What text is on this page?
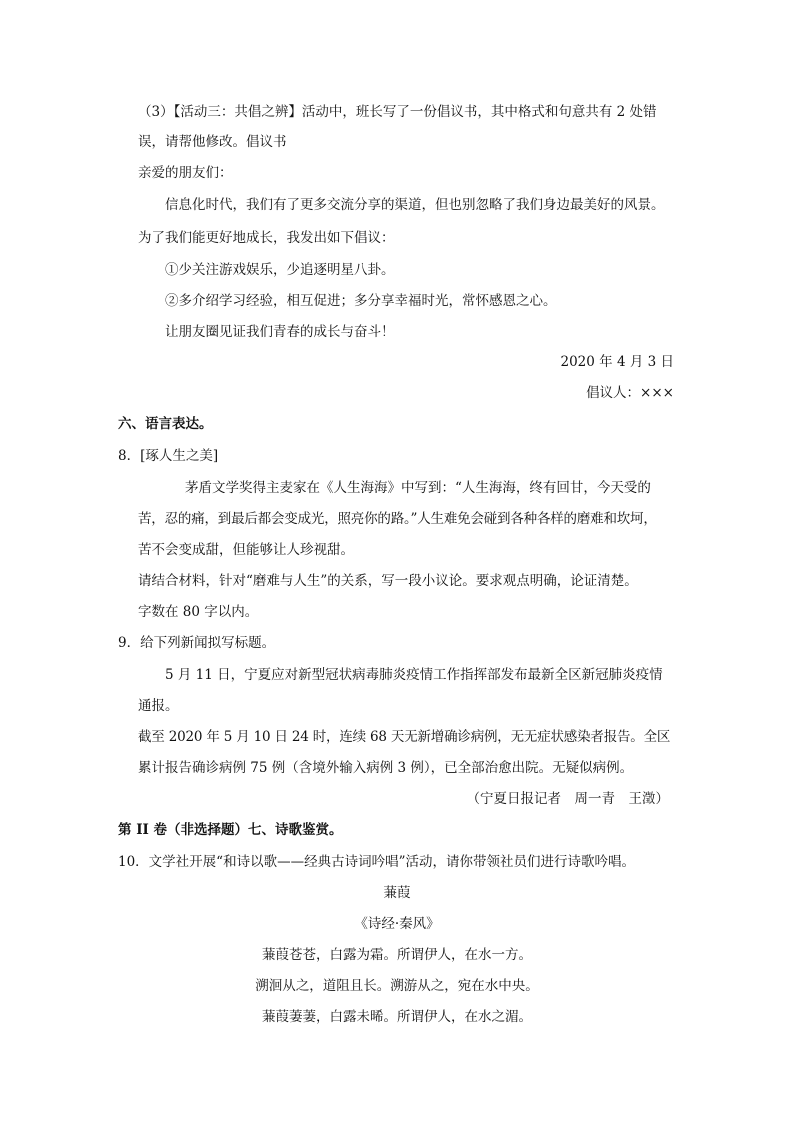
（3）【活动三：共倡之辨】活动中，班长写了一份倡议书，其中格式和句意共有 2 处错
误，请帮他修改。倡议书
亲爱的朋友们：
信息化时代，我们有了更多交流分享的渠道，但也别忽略了我们身边最美好的风景。
为了我们能更好地成长，我发出如下倡议：
①少关注游戏娱乐，少追逐明星八卦。
②多介绍学习经验，相互促进；多分享幸福时光，常怀感恩之心。
让朋友圈见证我们青春的成长与奋斗！
2020 年 4 月 3 日
倡议人：×××
六、语言表达。
8．[琢人生之美]
茅盾文学奖得主麦家在《人生海海》中写到：“人生海海，终有回甘，今天受的
苦，忍的痛，到最后都会变成光，照亮你的路。”人生难免会碰到各种各样的磨难和坎坷，
苦不会变成甜，但能够让人珍视甜。
请结合材料，针对“磨难与人生”的关系，写一段小议论。要求观点明确，论证清楚。
字数在 80 字以内。
9．给下列新闻拟写标题。
5 月 11 日，宁夏应对新型冠状病毒肺炎疫情工作指挥部发布最新全区新冠肺炎疫情
通报。
截至 2020 年 5 月 10 日 24 时，连续 68 天无新增确诊病例，无无症状感染者报告。全区
累计报告确诊病例 75 例（含境外输入病例 3 例），已全部治愈出院。无疑似病例。
（宁夏日报记者　周一青　王澂）
第 II 卷（非选择题）七、诗歌鉴赏。
10．文学社开展“和诗以歌——经典古诗词吟唱”活动，请你带领社员们进行诗歌吟唱。
蒹葭
《诗经·秦风》
蒹葭苍苍，白露为霜。所谓伊人，在水一方。
溯洄从之，道阻且长。溯游从之，宛在水中央。
蒹葭萋萋，白露未晞。所谓伊人，在水之湄。
